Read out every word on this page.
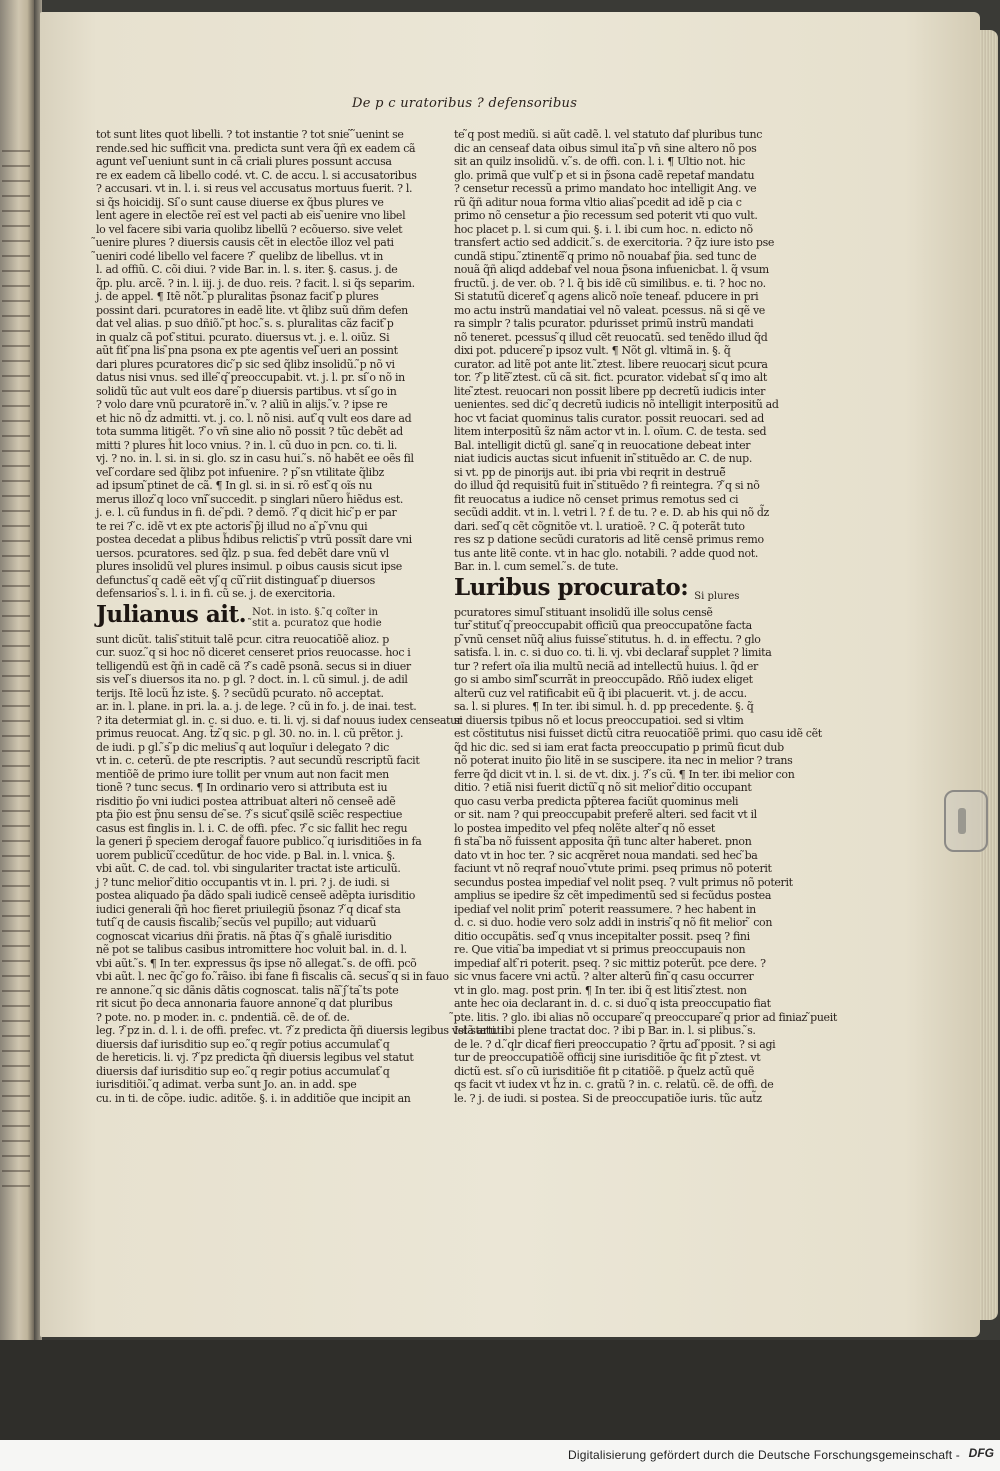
De p c uratoribus ? defensoribus
tot sunt lites quot libelli. ? tot instantie ? tot snie ̃ ̃uenint se
rende.sed hic sufficit vna. predicta sunt vera q̃ñ ex eadem cã
agunt vel ̃ueniunt sunt in cã criali plures possunt accusa
re ex eadem cã libello codé. vt. C. de accu. l. si accusatoribus
? accusari. vt in. l. i. si reus vel accusatus mortuus fuerit. ? l.
si q̃s hoicidij. Si ̃o sunt cause diuerse ex q̃bus plures ve
lent agere in electõe reĩ est vel pacti ab eis ̃uenire vno libel
lo vel facere sibi varia quolibz libellũ ? ecõuerso. sive velet
̃uenire plures ? diuersis causis cẽt in electõe illoz vel pati
̃ueniri codé libello vel facere ? ̃ quelibz de libellus. vt in
l. ad offiũ. C. cõi diui. ? vide Bar. in. l. s. iter. §. casus. j. de
q̃p. plu. arcẽ. ? in. l. iij. j. de duo. reis. ? facit. l. si q̃s separim.
j. de appel. ¶ Itẽ nõt. ̃p pluralitas p̃sonaz facit ̃p plures
possint dari. pcuratores in eadẽ lite. vt q̃libz suũ dñm defen
dat vel alias. p suo dñiõ. ̃pt hoc. ̃s. s. pluralitas cãz facit ̃p
in qualz cã pot ̃stitui. pcurato. diuersus vt. j. e. l. oiũz. Si
aũt fit ̃pna lis ̃pna psona ex pte agentis vel ̃ueri an possint
dari plures pcuratores dic ̃p sic sed q̃libz insolidũ. ̃p nõ vi
datus nisi vnus. sed ille ̃q ̃preoccupabit. vt. j. l. pr. si ̃o nõ in
solidũ tũc aut vult eos dare ̃p diuersis partibus. vt si ̃go in
? volo dare vnũ pcuratorẽ in. ̃v. ? aliũ in alijs. ̃v. ? ipse re
et hic nõ d̃z admitti. vt. j. co. l. nõ nisi. aut ̃q vult eos dare ad
tota summa litigẽt. ? ̃o vn̄ sine alio nõ possit ? tũc debẽt ad
mitti ? plures h̃it loco vnius. ? in. l. cũ duo in pcn. co. ti. li.
vj. ? no. in. l. si. in si. glo. sz in casu hui. ̃s. nõ habẽt ee oẽs fil
vel ̃cordare sed q̃libz pot infuenire. ? p ̃sn vtilitate q̃libz
ad ipsum ̃ptinet de cã. ¶ In gl. si. in si. rõ est ̃q oĩs nu
merus illoz ̃q loco vnĩ ̃succedit. p singlari nũero h̃iẽdus est.
j. e. l. cũ fundus in fi. de ̃pdi. ? demõ. ? ̃q dicit hic ̃p er par
te rei ? ̃c. idẽ vt ex pte actoris ̃p̃j illud no a ̃p ̃vnu qui
postea decedat a plibus h̃dibus relictis ̃p vtrũ possĩt dare vni
uersos. pcuratores. sed q̃lz. p sua. fed debẽt dare vnũ vl
plures insolidũ vel plures insimul. p oibus causis sicut ipse
defunctus ̃q cadẽ eẽt vj ̃q cũ ̃riit distinguat ̃p diuersos
defensarios ̃s. l. i. in fi. cũ se. j. de exercitoria.
Julianus ait. Not. in isto. §. ̃q coĩter in ̃stit a. pcuratoz que hodie
sunt dicũt. talis ̃stituit talẽ pcur. citra reuocatiõẽ alioz. p
cur. suoz. ̃q si hoc nõ diceret censeret prios reuocasse. hoc i
telligendũ est q̃ñ in cadẽ cã ? ̃s cadẽ psonã. secus si in diuer
sis vel ̃s diuersos ita no. p gl. ? doct. in. l. cũ simul. j. de adil
terijs. Itẽ locũ h̃z iste. §. ? secũdũ pcurato. nõ acceptat.
ar. in. l. plane. in pri. la. a. j. de lege. ? cũ in fo. j. de inai. test.
? ita determiat gl. in. c. si duo. e. ti. li. vj. si daf nouus iudex censeatur
primus reuocat. Ang. t̃z ̃q sic. p gl. 30. no. in. l. cũ prẽtor. j.
de iudi. p gl. ̃s ̃p dic melius ̃q aut loquĩur i delegato ? dic
vt in. c. ceterũ. de pte rescriptis. ? aut secundũ rescriptũ facit
mentiõẽ de primo iure tollit per vnum aut non facit men
tionẽ ? tunc secus. ¶ In ordinario vero si attributa est iu
risditio p̃o vni iudici postea attribuat alteri nõ censeẽ adẽ
pta p̃io est p̃nu sensu de ̃se. ? ̃s sicut ̃qsilẽ sciẽc respectiue
casus est finglis in. l. i. C. de offi. pfec. ? ̃c sic fallit hec regu
la generi p̃ speciem derogaf̃ fauore publico. ̃q iurisditiões in fa
uorem publicũ ̃ccedũtur. de hoc vide. p Bal. in. l. vnica. §.
vbi aũt. C. de cad. tol. vbi singulariter tractat iste articulũ.
j ? tunc melior ̃ditio occupantis vt in. l. pri. ? j. de iudi. si
postea aliquado p̃a dãdo spali iudicẽ censeẽ adẽpta iurisditio
iudici generali q̃ñ hoc fieret priuilegiũ p̃sonaz ? ̃q dicaf sta
tuti ̃q de causis fiscalib; ̃secũs vel pupillo; aut viduarũ
cognoscat vicarius dñi p̃ratis. nã p̃tas q̃ ̃s gn̄alẽ iurisditio
nẽ pot se talibus casibus intromittere hoc voluit bal. in. d. l.
vbi aũt. ̃s. ¶ In ter. expressus q̃s ipse nõ allegat. ̃s. de offi. pcõ
vbi aũt. l. nec q̃c ̃go fo. ̃rãiso. ibi fane fi fiscalis cã. secus ̃q si in fauo
re annone. ̃q sic dãnis dãtis cognoscat. talis nã ̃j ̃ta ̃ts pote
rit sicut p̃o deca annonaria fauore annone ̃q dat pluribus
? pote. no. p moder. in. c. pndentiã. cẽ. de of. de.
leg. ? ̃pz in. d. l. i. de offi. prefec. vt. ? ̃z predicta q̃ñ diuersis legibus vel statuti
diuersis daf iurisditio sup eo. ̃q regĩr potius accumulat ̃q
de hereticis. li. vj. ? ̃pz predicta q̃ñ diuersis legibus vel statut
diuersis daf iurisditio sup eo. ̃q regir potius accumulat ̃q
iurisditiõi. ̃q adimat. verba sunt Jo. an. in add. spe
cu. in ti. de cõpe. iudic. aditõe. §. i. in additiõe que incipit an
te ̃q post mediũ. si aũt cadẽ. l. vel statuto daf pluribus tunc
dic an censeaf data oibus simul ita ̃p vn̄ sine altero nõ pos
sit an quilz insolidũ. v. ̃s. de offi. con. l. i. ¶ Ultio not. hic
glo. primã que vult ̃p et si in p̃sona cadẽ repetaf mandatu
? censetur recessũ a primo mandato hoc intelligit Ang. ve
rũ q̃ñ aditur noua forma vltio alias ̃pcedit ad idẽ p cia c
primo nõ censetur a p̃io recessum sed poterit vti quo vult.
hoc placet p. l. si cum qui. §. i. l. ibi cum hoc. n. edicto nõ
transfert actio sed addicit. ̃s. de exercitoria. ? q̃z iure isto pse
cundã stipu. ̃ztinentẽ ̃q primo nõ nouabaf p̃ia. sed tunc de
nouã q̃ñ aliqd addebaf vel noua p̃sona infuenicbat. l. q̃ vsum
fructũ. j. de ver. ob. ? l. q̃ bis idẽ cũ similibus. e. ti. ? hoc no.
Si statutũ diceret ̃q agens alicõ noĩe teneaf. pducere in pri
mo actu instrũ mandatiai̇ vel nõ valeat. pcessus. nã si qẽ ve
ra simplr ? talis pcurator. pdurisset primũ instrũ mandati
nõ teneret. pcessus ̃q illud cẽt reuocatũ. sed tenẽdo illud q̃d
dixi pot. pducere ̃p ipsoz vult. ¶ Nõt gl. vltimã in. §. q̃
curator. ad litẽ pot ante lit. ̃ztest. libere reuocari sicut pcura
tor. ? ̃p litẽ ̃ztest. cũ cã sit. fict. pcurator. videbat̃ si ̃q imo alt
lite ̃ztest. reuocari non possit libere pp decretũ iudicis inter
uenientes. sed dic ̃q decretũ iudicis nõ intelligit interpositũ ad
hoc vt faciat quominus talis curator. possit reuocari. sed ad
litem interpositũ s̃z nãm actor vt in. l. oĩum. C. de testa. sed
Bal. intelligit dictũ gl. sane ̃q in reuocatione debeat inter
niat iudicis auctas sicut infuenit in ̃stituẽdo ar. C. de nup.
si vt. pp de pinorijs aut. ibi pria vbi reqrit in destruẽ̃
do illud q̃d requisitũ fuit in ̃stituẽdo ? fi reintegra. ? ̃q si nõ
fit reuocatus a iudice nõ censet primus remotus sed ci
secũdi addit. vt in. l. vetri l. ? f. de tu. ? e. D. ab his qui nõ d̃z
dari. sed ̃q cẽt cõgnitõe vt. l. uratioẽ. ? C. q̃ poterãt tuto
res sz p datione secũdi curatoris ad litẽ censẽ primus remo
tus ante litẽ conte. vt in hac glo. notabili. ? adde quod not.
Bar. in. l. cum semel. ̃s. de tute.
Luribus procurato: Si plures
pcuratores simul ̃stituant insolidũ ille solus censẽ
tur ̃stitut ̃q ̃preoccupabit officiũ qua preoccupatõne facta
p ̃vnũ censet nũq̃ alius fuisse ̃stitutus. h. d. in effectu. ? glo
satisfa. l. in. c. si duo co. ti. li. vj. vbi declaraf̃ supplet ? limita
tur ? refert oĩa ilia multũ neciã ad intellectũ huius. l. q̃d er
go si ambo simľ ̃scurrãt in preoccupãdo. Rñõ iudex eliget
alterũ cuz vel ratificabit eũ q̃ ibi placuerit. vt. j. de accu.
sa. l. si plures. ¶ In ter. ibi simul. h. d. pp precedente. §. q̃
si diuersis tpibus nõ et locus preoccupatioi. sed si vltim
est cõstitutus nisi fuisset dictũ citra reuocatiõẽ primi. quo casu idẽ cẽt
q̃d hic dic. sed si iam erat facta preoccupatio p primũ ficut dub
nõ poterat inuito p̃io litẽ in se suscipere. ita nec in melior ? trans
ferre q̃d dicit vt in. l. si. de vt. dix. j. ? ̃s cũ. ¶ In ter. ibi melior con
ditio. ? etiã nisi fuerit dictũ ̃q nõ sit melior ̃ditio occupant
quo casu verba predicta pp̃terea faciũt quominus meli
or sit. nam ? qui preoccupabit preferẽ alteri. sed facit vt il
lo postea impedito vel pfeq nolẽte alter ̃q nõ esset
fi sta ̃ba nõ fuissent apposita q̃ñ tunc alter haberet. pnon
dato vt in hoc ter. ? sic acqrẽret noua mandati. sed hec ̃ba
faciunt vt nõ reqraf nouo ̃vtute primi. pseq primus nõ poterit
secundus postea impediaf vel nolit pseq. ? vult primus nõ poterit
amplius se ipedire s̃z cẽt impedimentũ sed si fecũdus postea
ipediaf vel nolit prim ̃ poterit reassumere. ? hec habent in
d. c. si duo. hodie vero solz addi in instris ̃q nõ fit melior ̃ con
ditio occupãtis. sed ̃q vnus incepitalter possit. pseq ? fini
re. Que vitia ̃ba impediat vt si primus preoccupauis non
impediaf alt ̃ri poterit. pseq. ? sic mittiz poterũt. pce dere. ?
sic vnus facere vni actũ. ? alter alterũ fin ̃q casu occurrer
vt in glo. mag. post prin. ¶ In ter. ibi q̃ est litis ̃ztest. non
ante hec oia declarant in. d. c. si duo ̃q ista preoccupatio fiat
̃pte. litis. ? glo. ibi alias nõ occupare ̃q preoccupare ̃q prior ad finiaz ̃pueit
Istã arti. ibi plene tractat doc. ? ibi p Bar. in. l. si plibus. ̃s.
de le. ? d. ̃qlr dicaf fieri preoccupatio ? q̃rtu ad ̃pposit. ? si agi
tur de preoccupatiõẽ officij sine iurisditiõe q̃c fit p ̃ztest. vt
dictũ est. si ̃o cũ iurisditiõe fit p citatiõẽ. p q̃uelz actũ quẽ
qs facit vt iudex vt h̃z in. c. gratũ ? in. c. relatũ. cẽ. de offi. de
le. ? j. de iudi. si postea. Si de preoccupatiõe iuris. tũc aut̃z
Digitalisierung gefördert durch die Deutsche Forschungsgemeinschaft - DFG
